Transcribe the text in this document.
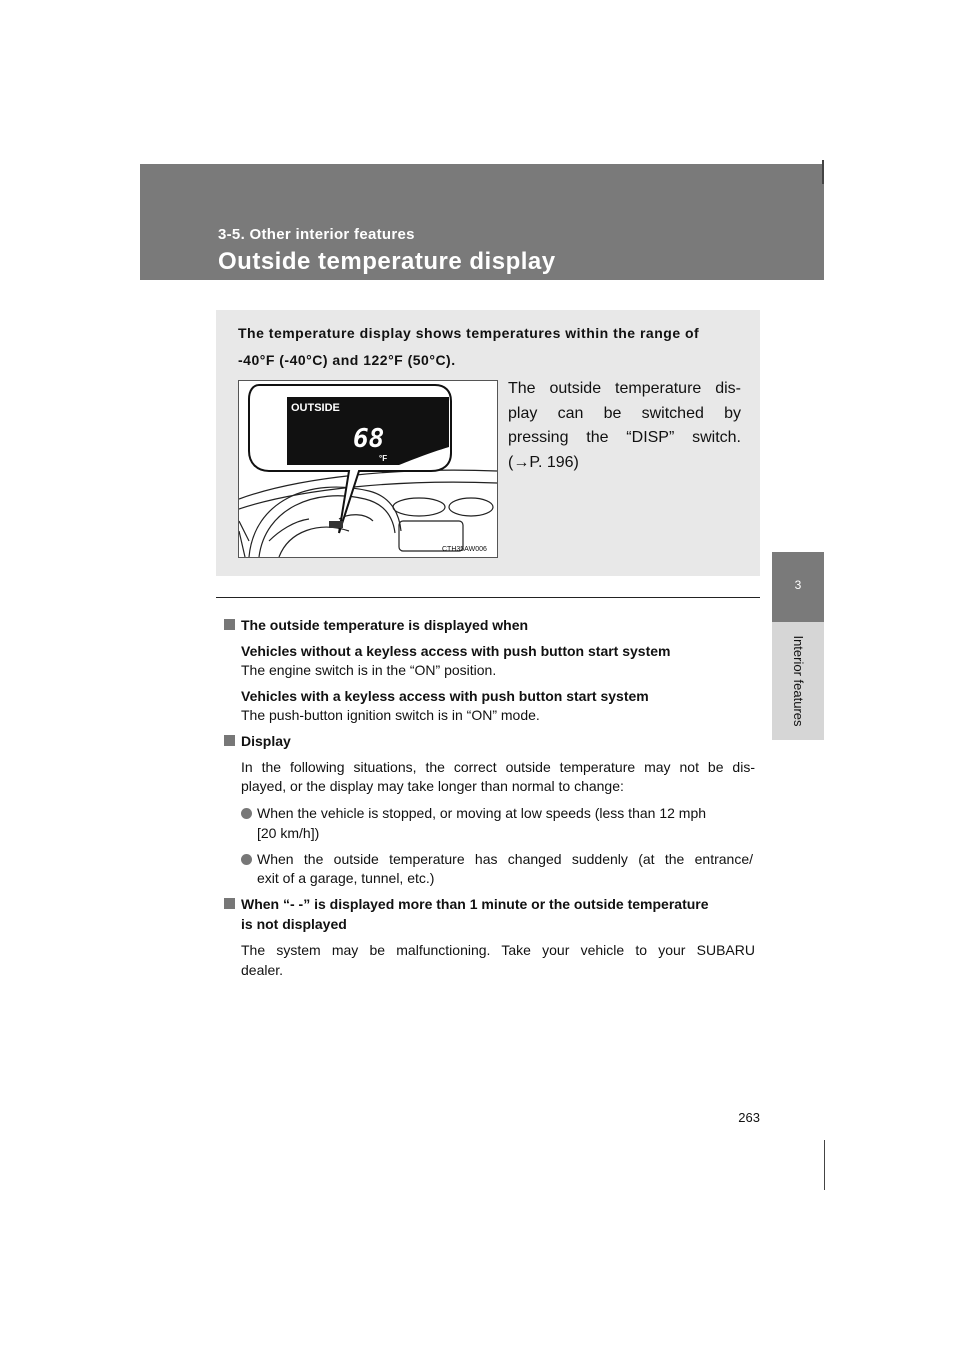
3-5. Other interior features
Outside temperature display
3
Interior features
The temperature display shows temperatures within the range of
-40°F (-40°C) and 122°F (50°C).
OUTSIDE
68
°F
CTH35AW006
The outside temperature dis-
play can be switched by
pressing the “DISP” switch.
(→P. 196)
The outside temperature is displayed when
Vehicles without a keyless access with push button start system
The engine switch is in the “ON” position.
Vehicles with a keyless access with push button start system
The push-button ignition switch is in “ON” mode.
Display
In the following situations, the correct outside temperature may not be dis-
played, or the display may take longer than normal to change:
When the vehicle is stopped, or moving at low speeds (less than 12 mph
[20 km/h])
When the outside temperature has changed suddenly (at the entrance/
exit of a garage, tunnel, etc.)
When “- -” is displayed more than 1 minute or the outside temperature
is not displayed
The system may be malfunctioning. Take your vehicle to your SUBARU
dealer.
263
